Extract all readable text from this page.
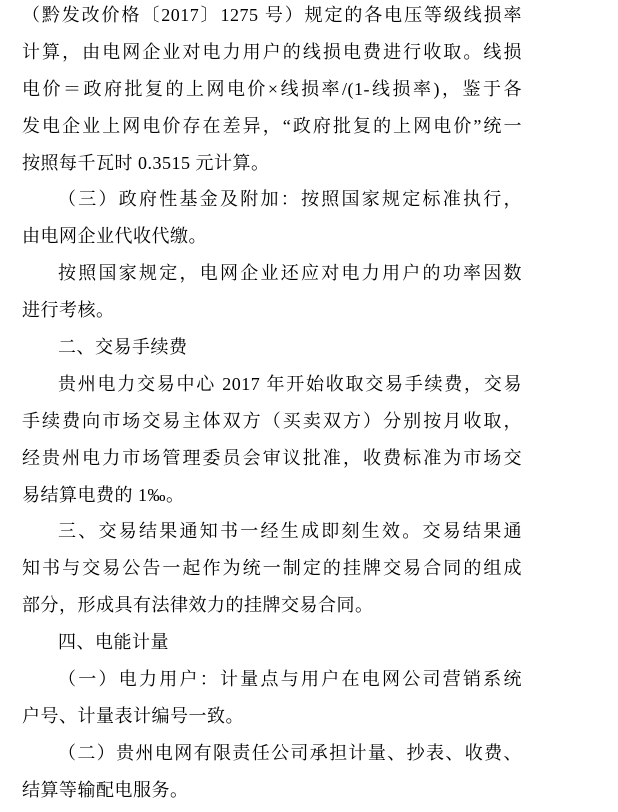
（黔发改价格〔2017〕1275 号）规定的各电压等级线损率
计算，由电网企业对电力用户的线损电费进行收取。线损
电价＝政府批复的上网电价×线损率/(1-线损率)，鉴于各
发电企业上网电价存在差异，“政府批复的上网电价”统一
按照每千瓦时 0.3515 元计算。
（三）政府性基金及附加：按照国家规定标准执行，
由电网企业代收代缴。
按照国家规定，电网企业还应对电力用户的功率因数
进行考核。
二、交易手续费
贵州电力交易中心 2017 年开始收取交易手续费，交易
手续费向市场交易主体双方（买卖双方）分别按月收取，
经贵州电力市场管理委员会审议批准，收费标准为市场交
易结算电费的 1‰。
三、交易结果通知书一经生成即刻生效。交易结果通
知书与交易公告一起作为统一制定的挂牌交易合同的组成
部分，形成具有法律效力的挂牌交易合同。
四、电能计量
（一）电力用户：计量点与用户在电网公司营销系统
户号、计量表计编号一致。
（二）贵州电网有限责任公司承担计量、抄表、收费、
结算等输配电服务。
